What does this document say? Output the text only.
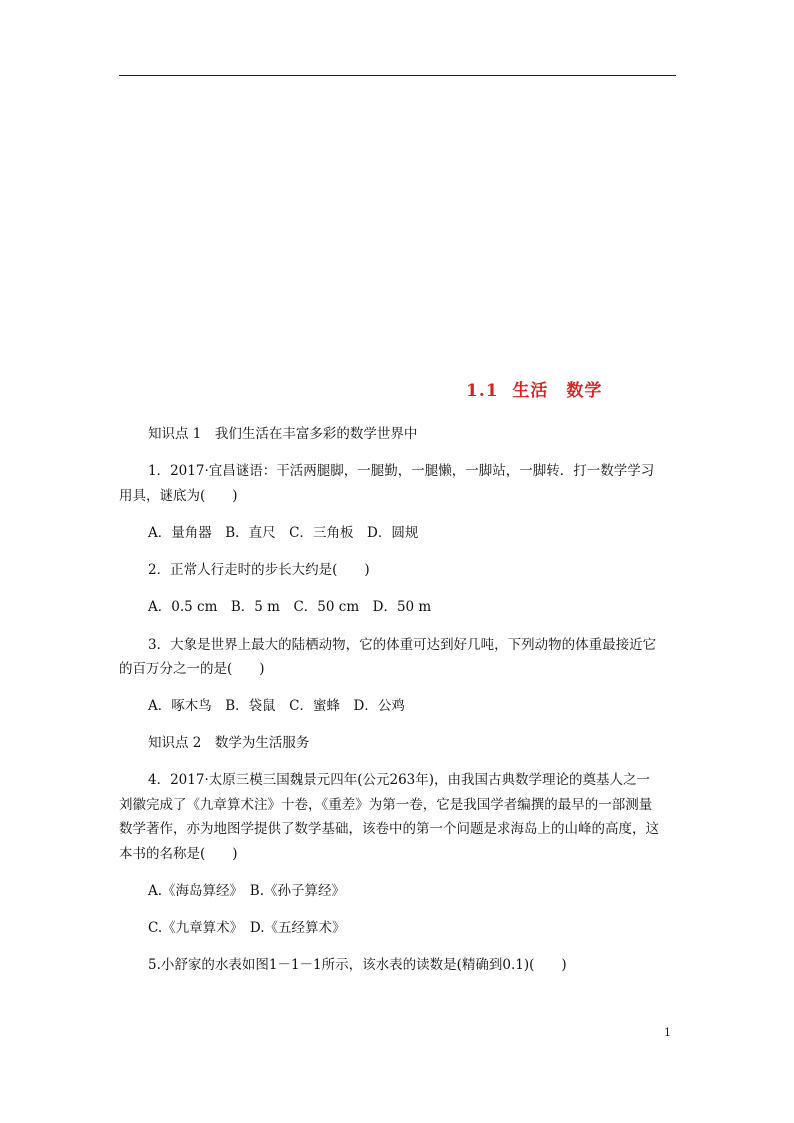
1.1  生活　数学
知识点 1　我们生活在丰富多彩的数学世界中
1．2017·宜昌谜语：干活两腿脚，一腿勤，一腿懒，一脚站，一脚转．打一数学学习
用具，谜底为(　　)
A．量角器　B．直尺　C．三角板　D．圆规
2．正常人行走时的步长大约是(　　)
A．0.5 cm　B．5 m　C．50 cm　D．50 m
3．大象是世界上最大的陆栖动物，它的体重可达到好几吨，下列动物的体重最接近它
的百万分之一的是(　　)
A．啄木鸟　B．袋鼠　C．蜜蜂　D．公鸡
知识点 2　数学为生活服务
4．2017·太原三模三国魏景元四年(公元263年)，由我国古典数学理论的奠基人之一
刘徽完成了《九章算术注》十卷，《重差》为第一卷，它是我国学者编撰的最早的一部测量
数学著作，亦为地图学提供了数学基础，该卷中的第一个问题是求海岛上的山峰的高度，这
本书的名称是(　　)
A.《海岛算经》　B.《孙子算经》
C.《九章算术》　D.《五经算术》
5.小舒家的水表如图1－1－1所示，该水表的读数是(精确到0.1)(　　)
1
